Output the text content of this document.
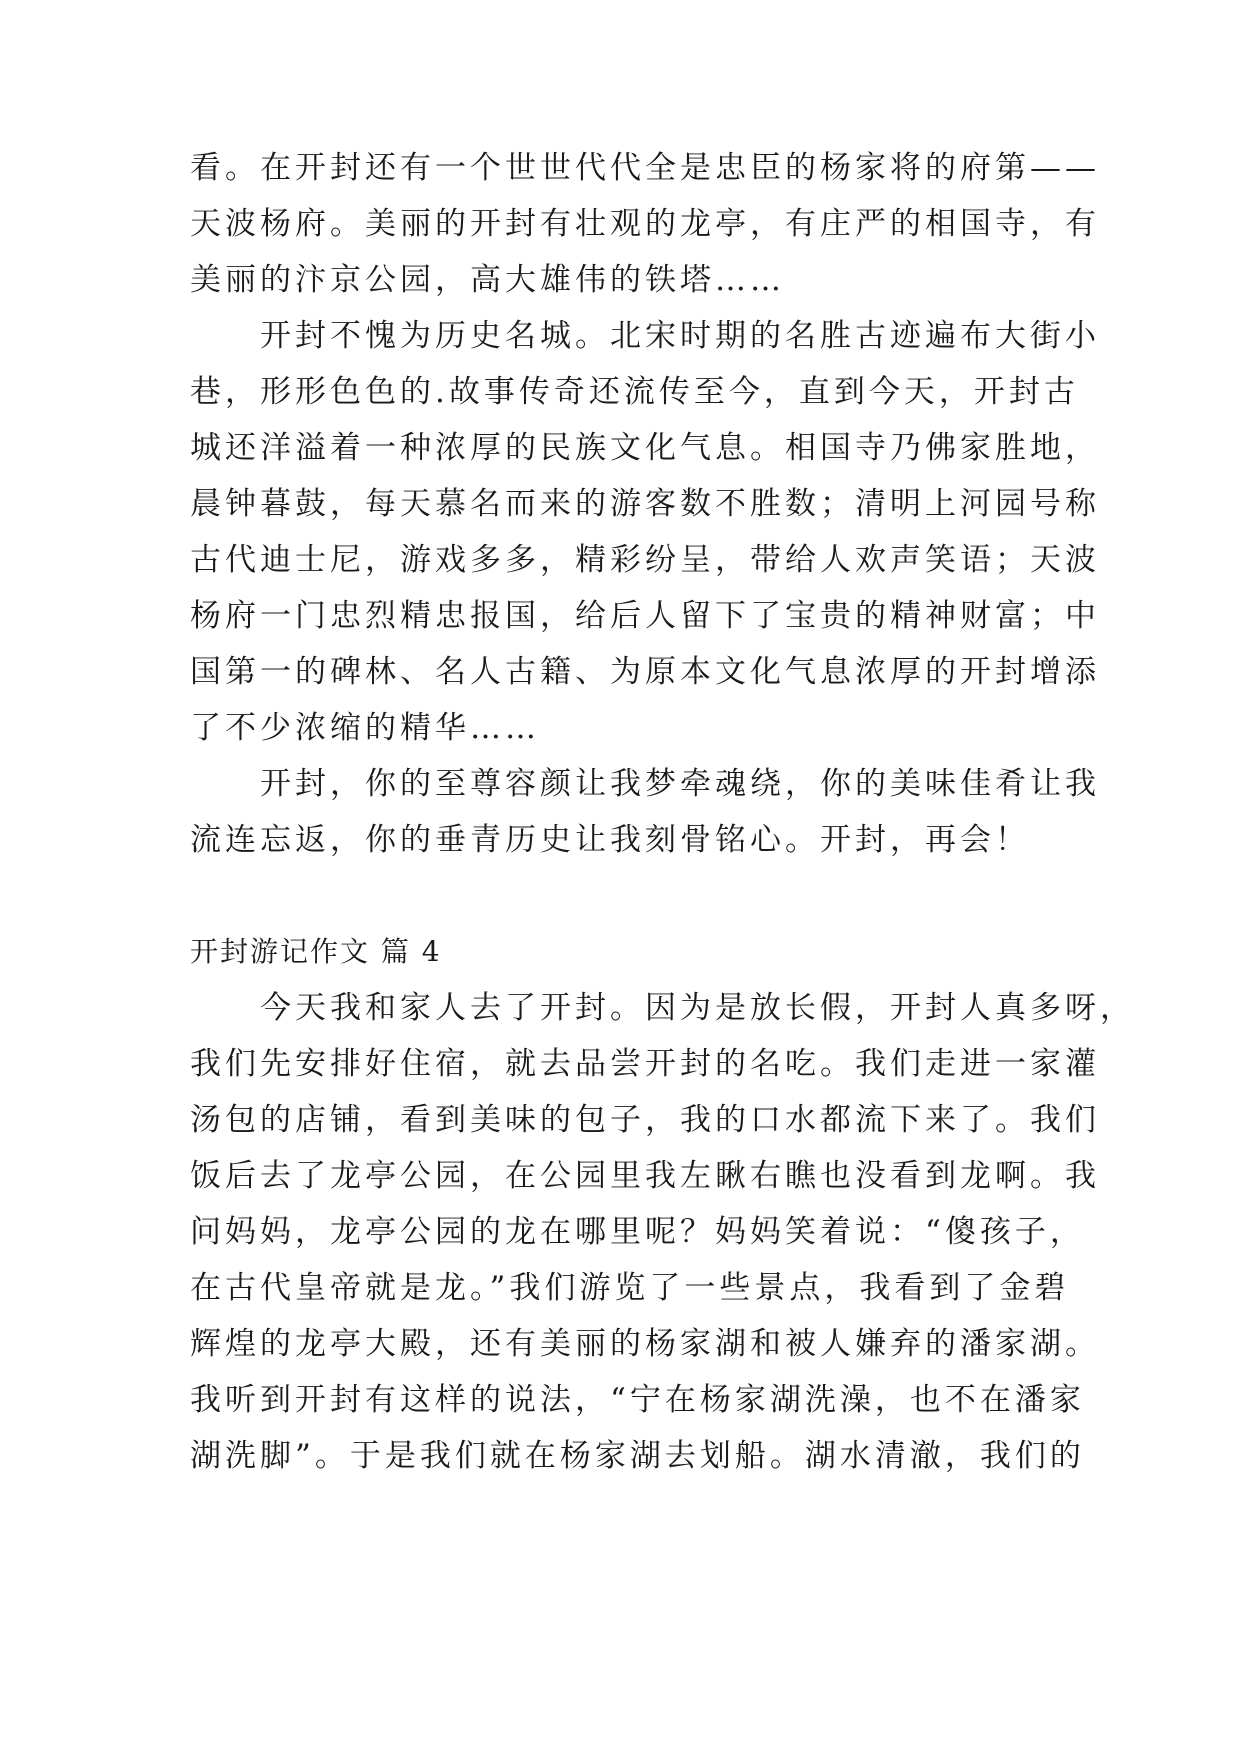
看。在开封还有一个世世代代全是忠臣的杨家将的府第——
天波杨府。美丽的开封有壮观的龙亭，有庄严的相国寺，有
美丽的汴京公园，高大雄伟的铁塔……
　　开封不愧为历史名城。北宋时期的名胜古迹遍布大街小
巷，形形色色的.故事传奇还流传至今，直到今天，开封古
城还洋溢着一种浓厚的民族文化气息。相国寺乃佛家胜地，
晨钟暮鼓，每天慕名而来的游客数不胜数；清明上河园号称
古代迪士尼，游戏多多，精彩纷呈，带给人欢声笑语；天波
杨府一门忠烈精忠报国，给后人留下了宝贵的精神财富；中
国第一的碑林、名人古籍、为原本文化气息浓厚的开封增添
了不少浓缩的精华……
　　开封，你的至尊容颜让我梦牵魂绕，你的美味佳肴让我
流连忘返，你的垂青历史让我刻骨铭心。开封，再会！
开封游记作文 篇 4
　　今天我和家人去了开封。因为是放长假，开封人真多呀，
我们先安排好住宿，就去品尝开封的名吃。我们走进一家灌
汤包的店铺，看到美味的包子，我的口水都流下来了。我们
饭后去了龙亭公园，在公园里我左瞅右瞧也没看到龙啊。我
问妈妈，龙亭公园的龙在哪里呢？妈妈笑着说：“傻孩子，
在古代皇帝就是龙。”我们游览了一些景点，我看到了金碧
辉煌的龙亭大殿，还有美丽的杨家湖和被人嫌弃的潘家湖。
我听到开封有这样的说法，“宁在杨家湖洗澡，也不在潘家
湖洗脚”。于是我们就在杨家湖去划船。湖水清澈，我们的
